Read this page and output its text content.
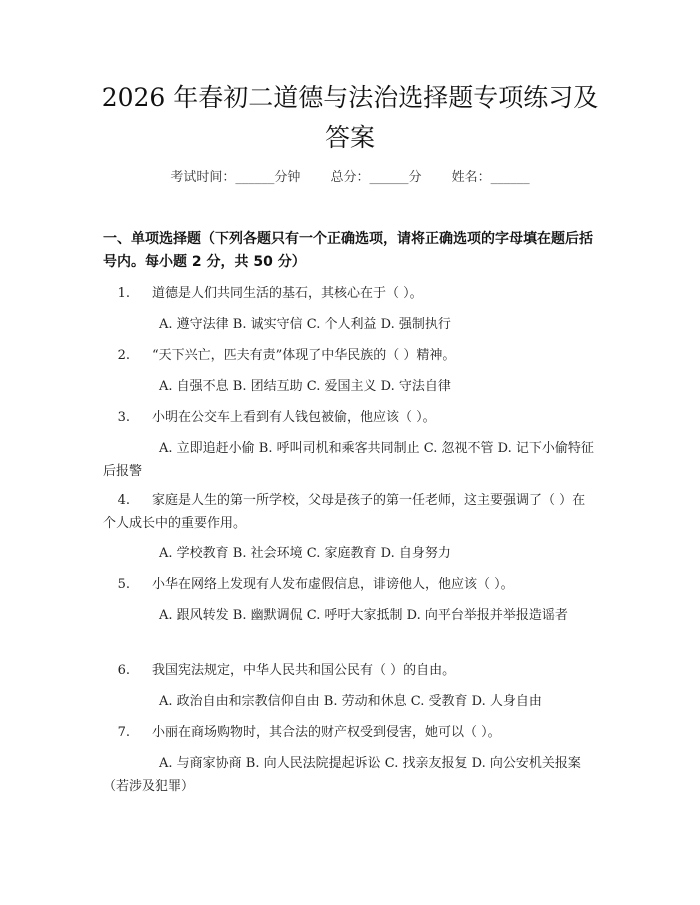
2026 年春初二道德与法治选择题专项练习及答案
考试时间：______分钟 总分：______分 姓名：______
一、单项选择题（下列各题只有一个正确选项，请将正确选项的字母填在题后括号内。每小题 2 分，共 50 分）
1. 道德是人们共同生活的基石，其核心在于（ ）。
A. 遵守法律 B. 诚实守信 C. 个人利益 D. 强制执行
2. “天下兴亡，匹夫有责”体现了中华民族的（ ）精神。
A. 自强不息 B. 团结互助 C. 爱国主义 D. 守法自律
3. 小明在公交车上看到有人钱包被偷，他应该（ ）。
A. 立即追赶小偷 B. 呼叫司机和乘客共同制止 C. 忽视不管 D. 记下小偷特征后报警
4. 家庭是人生的第一所学校，父母是孩子的第一任老师，这主要强调了（ ）在个人成长中的重要作用。
A. 学校教育 B. 社会环境 C. 家庭教育 D. 自身努力
5. 小华在网络上发现有人发布虚假信息，诽谤他人，他应该（ ）。
A. 跟风转发 B. 幽默调侃 C. 呼吁大家抵制 D. 向平台举报并举报造谣者
6. 我国宪法规定，中华人民共和国公民有（ ）的自由。
A. 政治自由和宗教信仰自由 B. 劳动和休息 C. 受教育 D. 人身自由
7. 小丽在商场购物时，其合法的财产权受到侵害，她可以（ ）。
A. 与商家协商 B. 向人民法院提起诉讼 C. 找亲友报复 D. 向公安机关报案（若涉及犯罪）
